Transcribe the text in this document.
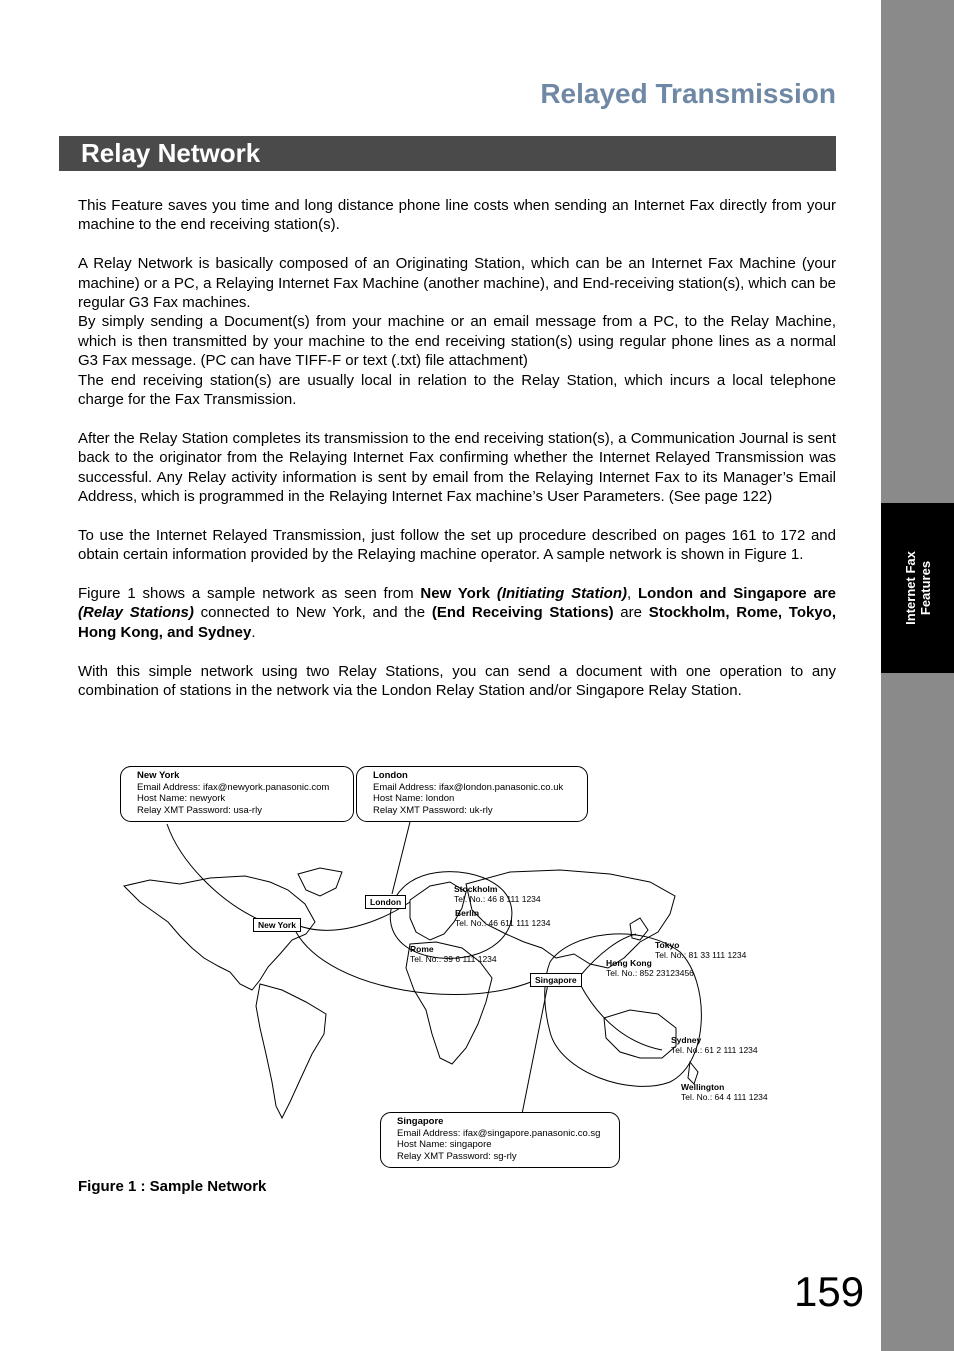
Internet Fax Features
Relayed Transmission
Relay Network

This Feature saves you time and long distance phone line costs when sending an Internet Fax directly from your machine to the end receiving station(s).

A Relay Network is basically composed of an Originating Station, which can be an Internet Fax Machine (your machine) or a PC, a Relaying Internet Fax Machine (another machine), and End-receiving station(s), which can be regular G3 Fax machines.

By simply sending a Document(s) from your machine or an email message from a PC, to the Relay Machine, which is then transmitted by your machine to the end receiving station(s) using regular phone lines as a normal G3 Fax message. (PC can have TIFF-F or text (.txt) file attachment)

The end receiving station(s) are usually local in relation to the Relay Station, which incurs a local telephone charge for the Fax Transmission.

After the Relay Station completes its transmission to the end receiving station(s), a Communication Journal is sent back to the originator from the Relaying Internet Fax confirming whether the Internet Relayed Transmission was successful. Any Relay activity information is sent by email from the Relaying Internet Fax to its Manager’s Email Address, which is programmed in the Relaying Internet Fax machine’s User Parameters. (See page 122)

To use the Internet Relayed Transmission, just follow the set up procedure described on pages 161 to 172 and obtain certain information provided by the Relaying machine operator. A sample network is shown in Figure 1.

Figure 1 shows a sample network as seen from New York (Initiating Station), London and Singapore are (Relay Stations) connected to New York, and the (End Receiving Stations) are Stockholm, Rome, Tokyo, Hong Kong, and Sydney.

With this simple network using two Relay Stations, you can send a document with one operation to any combination of stations in the network via the London Relay Station and/or Singapore Relay Station.

New York
Email Address: ifax@newyork.panasonic.com
Host Name: newyork
Relay XMT Password: usa-rly
London
Email Address: ifax@london.panasonic.co.uk
Host Name: london
Relay XMT Password: uk-rly
Singapore
Email Address: ifax@singapore.panasonic.co.sg
Host Name: singapore
Relay XMT Password: sg-rly
New York
London
Singapore
Stockholm
Tel. No.: 46 8 111 1234
Berlin
Tel. No.: 46 611 111 1234
Rome
Tel. No.: 39 6 111 1234
Tokyo
Tel. No.: 81 33 111 1234
Hong Kong
Tel. No.: 852 23123456
Sydney
Tel. No.: 61 2 111 1234
Wellington
Tel. No.: 64 4 111 1234
Figure 1 : Sample Network
159
